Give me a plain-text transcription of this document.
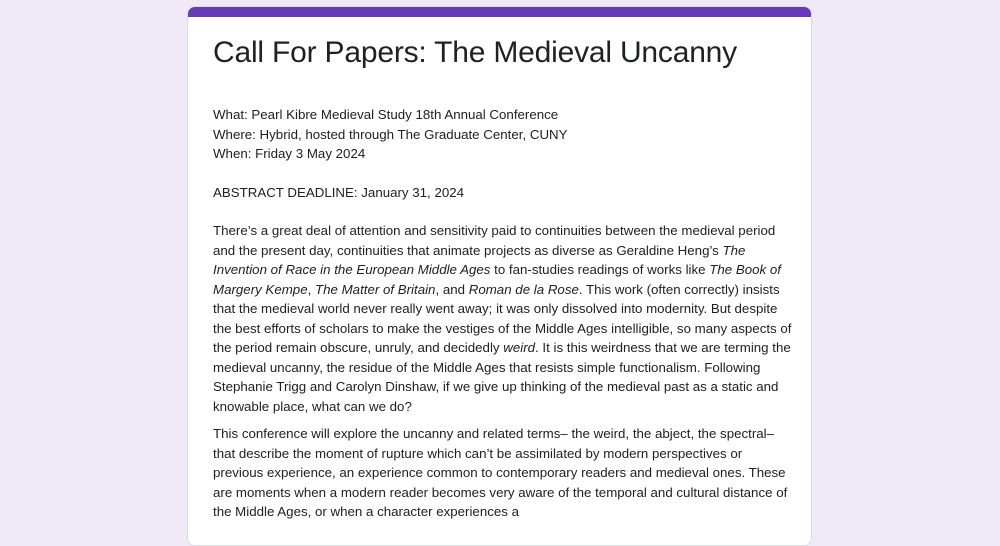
Call For Papers: The Medieval Uncanny

What: Pearl Kibre Medieval Study 18th Annual Conference

Where: Hybrid, hosted through The Graduate Center, CUNY

When: Friday 3 May 2024

ABSTRACT DEADLINE: January 31, 2024

There’s a great deal of attention and sensitivity paid to continuities between the medieval period and the present day, continuities that animate projects as diverse as Geraldine Heng’s The Invention of Race in the European Middle Ages to fan-studies readings of works like The Book of Margery Kempe, The Matter of Britain, and Roman de la Rose. This work (often correctly) insists that the medieval world never really went away; it was only dissolved into modernity. But despite the best efforts of scholars to make the vestiges of the Middle Ages intelligible, so many aspects of the period remain obscure, unruly, and decidedly weird. It is this weirdness that we are terming the medieval uncanny, the residue of the Middle Ages that resists simple functionalism. Following Stephanie Trigg and Carolyn Dinshaw, if we give up thinking of the medieval past as a static and knowable place, what can we do?

This conference will explore the uncanny and related terms– the weird, the abject, the spectral– that describe the moment of rupture which can’t be assimilated by modern perspectives or previous experience, an experience common to contemporary readers and medieval ones. These are moments when a modern reader becomes very aware of the temporal and cultural distance of the Middle Ages, or when a character experiences a
